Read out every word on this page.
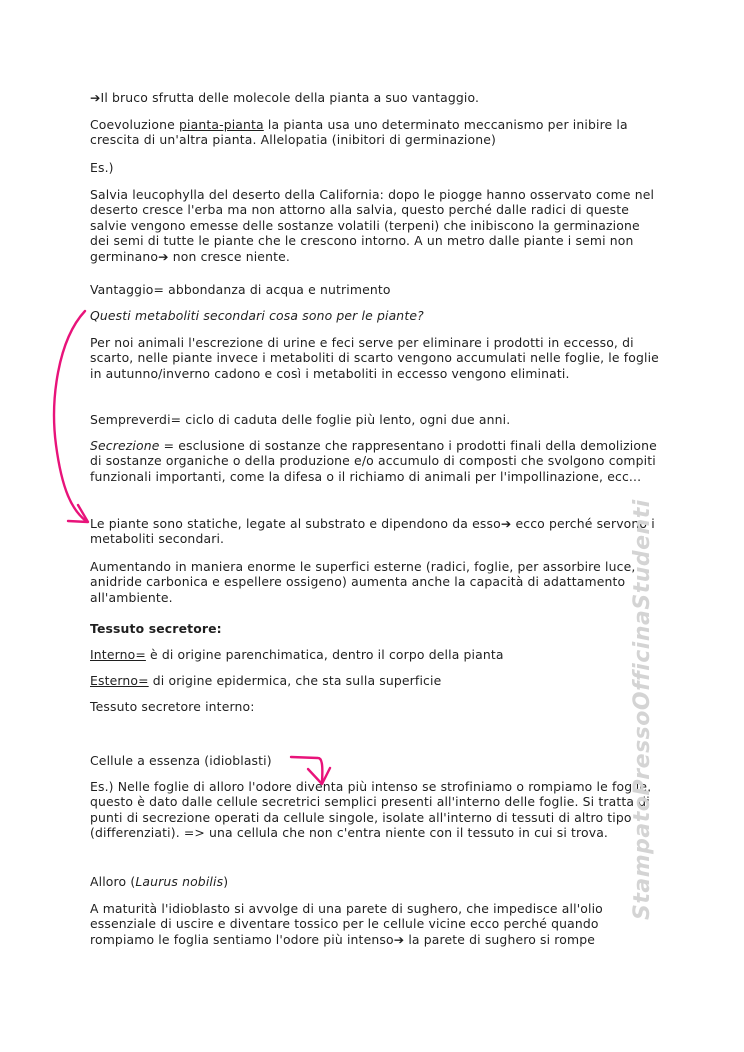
➔Il bruco sfrutta delle molecole della pianta a suo vantaggio.

Coevoluzione pianta-pianta la pianta usa uno determinato meccanismo per inibire la crescita di un'altra pianta. Allelopatia (inibitori di germinazione)

Es.)

Salvia leucophylla del deserto della California: dopo le piogge hanno osservato come nel deserto cresce l'erba ma non attorno alla salvia, questo perché dalle radici di queste salvie vengono emesse delle sostanze volatili (terpeni) che inibiscono la germinazione dei semi di tutte le piante che le crescono intorno. A un metro dalle piante i semi non germinano➔ non cresce niente.

Vantaggio= abbondanza di acqua e nutrimento

Questi metaboliti secondari cosa sono per le piante?

Per noi animali l'escrezione di urine e feci serve per eliminare i prodotti in eccesso, di scarto, nelle piante invece i metaboliti di scarto vengono accumulati nelle foglie, le foglie in autunno/inverno cadono e così i metaboliti in eccesso vengono eliminati.

Sempreverdi= ciclo di caduta delle foglie più lento, ogni due anni.

Secrezione = esclusione di sostanze che rappresentano i prodotti finali della demolizione di sostanze organiche o della produzione e/o accumulo di composti che svolgono compiti funzionali importanti, come la difesa o il richiamo di animali per l'impollinazione, ecc...

Le piante sono statiche, legate al substrato e dipendono da esso➔ ecco perché servono i metaboliti secondari.

Aumentando in maniera enorme le superfici esterne (radici, foglie, per assorbire luce, anidride carbonica e espellere ossigeno) aumenta anche la capacità di adattamento all'ambiente.

Tessuto secretore:

Interno= è di origine parenchimatica, dentro il corpo della pianta

Esterno= di origine epidermica, che sta sulla superficie

Tessuto secretore interno:

Cellule a essenza (idioblasti)

Es.) Nelle foglie di alloro l'odore diventa più intenso se strofiniamo o rompiamo le foglie, questo è dato dalle cellule secretrici semplici presenti all'interno delle foglie. Si tratta di punti di secrezione operati da cellule singole, isolate all'interno di tessuti di altro tipo (differenziati). => una cellula che non c'entra niente con il tessuto in cui si trova.

Alloro (Laurus nobilis)

A maturità l'idioblasto si avvolge di una parete di sughero, che impedisce all'olio essenziale di uscire e diventare tossico per le cellule vicine ecco perché quando rompiamo le foglia sentiamo l'odore più intenso➔ la parete di sughero si rompe

StampatoPressoOfficinaStudenti
